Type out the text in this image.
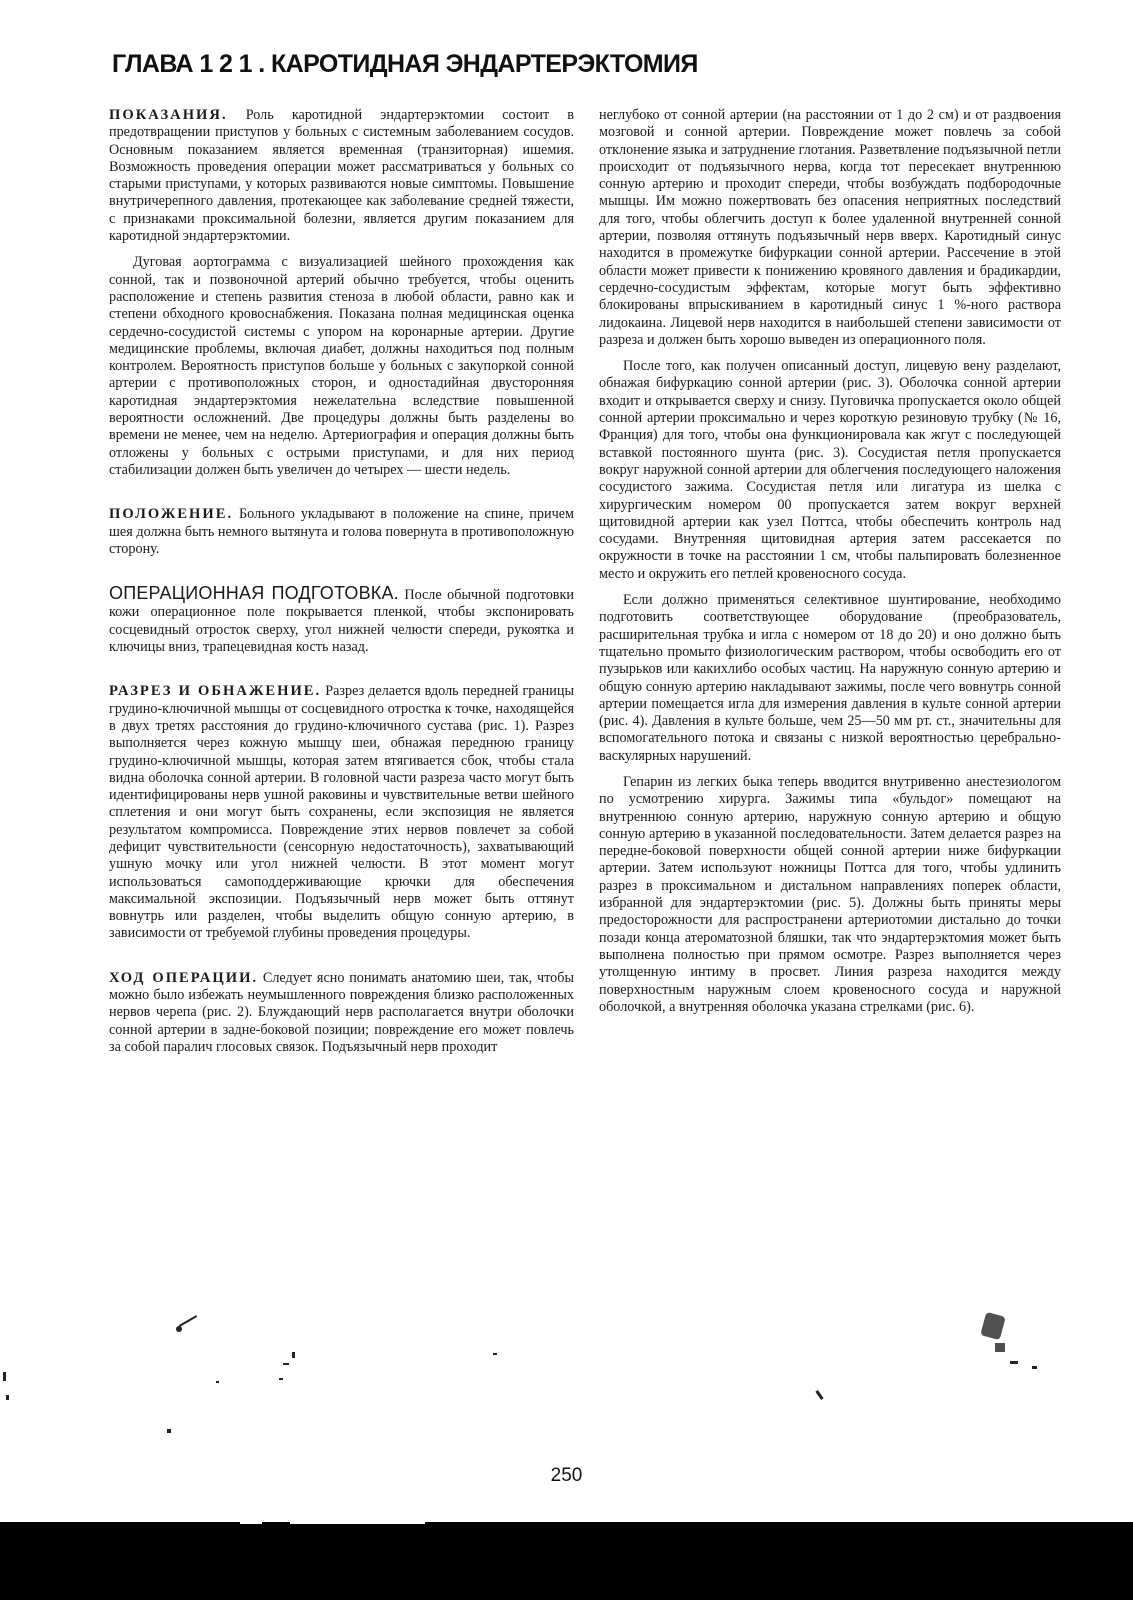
ГЛАВА 1 2 1 . КАРОТИДНАЯ ЭНДАРТЕРЭКТОМИЯ

ПОКАЗАНИЯ. Роль каротидной эндартерэктомии состоит в предотвращении приступов у больных с системным заболеванием сосудов. Основным показанием является временная (транзиторная) ишемия. Возможность проведения операции может рассматриваться у больных со старыми приступами, у которых развиваются новые симптомы. Повышение внутричерепного давления, протекающее как заболевание средней тяжести, с признаками проксимальной болезни, является другим показанием для каротидной эндартерэктомии.

Дуговая аортограмма с визуализацией шейного прохождения как сонной, так и позвоночной артерий обычно требуется, чтобы оценить расположение и степень развития стеноза в любой области, равно как и степени обходного кровоснабжения. Показана полная медицинская оценка сердечно-сосудистой системы с упором на коронарные артерии. Другие медицинские проблемы, включая диабет, должны находиться под полным контролем. Вероятность приступов больше у больных с закупоркой сонной артерии с противоположных сторон, и одностадийная двусторонняя каротидная эндартерэктомия нежелательна вследствие повышенной вероятности осложнений. Две процедуры должны быть разделены во времени не менее, чем на неделю. Артериография и операция должны быть отложены у больных с острыми приступами, и для них период стабилизации должен быть увеличен до четырех — шести недель.

ПОЛОЖЕНИЕ. Больного укладывают в положение на спине, причем шея должна быть немного вытянута и голова повернута в противоположную сторону.

ОПЕРАЦИОННАЯ ПОДГОТОВКА. После обычной подготовки кожи операционное поле покрывается пленкой, чтобы экспонировать сосцевидный отросток сверху, угол нижней челюсти спереди, рукоятка и ключицы вниз, трапецевидная кость назад.

РАЗРЕЗ И ОБНАЖЕНИЕ. Разрез делается вдоль передней границы грудино-ключичной мышцы от сосцевидного отростка к точке, находящейся в двух третях расстояния до грудино-ключичного сустава (рис. 1). Разрез выполняется через кожную мышцу шеи, обнажая переднюю границу грудино-ключичной мышцы, которая затем втягивается сбок, чтобы стала видна оболочка сонной артерии. В головной части разреза часто могут быть идентифицированы нерв ушной раковины и чувствительные ветви шейного сплетения и они могут быть сохранены, если экспозиция не является результатом компромисса. Повреждение этих нервов повлечет за собой дефицит чувствительности (сенсорную недостаточность), захватывающий ушную мочку или угол нижней челюсти. В этот момент могут использоваться самоподдерживающие крючки для обеспечения максимальной экспозиции. Подъязычный нерв может быть оттянут вовнутрь или разделен, чтобы выделить общую сонную артерию, в зависимости от требуемой глубины проведения процедуры.

ХОД ОПЕРАЦИИ. Следует ясно понимать анатомию шеи, так, чтобы можно было избежать неумышленного повреждения близко расположенных нервов черепа (рис. 2). Блуждающий нерв располагается внутри оболочки сонной артерии в задне-боковой позиции; повреждение его может повлечь за собой паралич глосовых связок. Подъязычный нерв проходит

неглубоко от сонной артерии (на расстоянии от 1 до 2 см) и от раздвоения мозговой и сонной артерии. Повреждение может повлечь за собой отклонение языка и затруднение глотания. Разветвление подъязычной петли происходит от подъязычного нерва, когда тот пересекает внутреннюю сонную артерию и проходит спереди, чтобы возбуждать подбородочные мышцы. Им можно пожертвовать без опасения неприятных последствий для того, чтобы облегчить доступ к более удаленной внутренней сонной артерии, позволяя оттянуть подъязычный нерв вверх. Каротидный синус находится в промежутке бифуркации сонной артерии. Рассечение в этой области может привести к понижению кровяного давления и брадикардии, сердечно-сосудистым эффектам, которые могут быть эффективно блокированы впрыскиванием в каротидный синус 1 %-ного раствора лидокаина. Лицевой нерв находится в наибольшей степени зависимости от разреза и должен быть хорошо выведен из операционного поля.

После того, как получен описанный доступ, лицевую вену разделают, обнажая бифуркацию сонной артерии (рис. 3). Оболочка сонной артерии входит и открывается сверху и снизу. Пуговичка пропускается около общей сонной артерии проксимально и через короткую резиновую трубку (№ 16, Франция) для того, чтобы она функционировала как жгут с последующей вставкой постоянного шунта (рис. 3). Сосудистая петля пропускается вокруг наружной сонной артерии для облегчения последующего наложения сосудистого зажима. Сосудистая петля или лигатура из шелка с хирургическим номером 00 пропускается затем вокруг верхней щитовидной артерии как узел Поттса, чтобы обеспечить контроль над сосудами. Внутренняя щитовидная артерия затем рассекается по окружности в точке на расстоянии 1 см, чтобы пальпировать болезненное место и окружить его петлей кровеносного сосуда.

Если должно применяться селективное шунтирование, необходимо подготовить соответствующее оборудование (преобразователь, расширительная трубка и игла с номером от 18 до 20) и оно должно быть тщательно промыто физиологическим раствором, чтобы освободить его от пузырьков или какихлибо особых частиц. На наружную сонную артерию и общую сонную артерию накладывают зажимы, после чего вовнутрь сонной артерии помещается игла для измерения давления в культе сонной артерии (рис. 4). Давления в культе больше, чем 25—50 мм рт. ст., значительны для вспомогательного потока и связаны с низкой вероятностью церебрально-васкулярных нарушений.

Гепарин из легких быка теперь вводится внутривенно анестезиологом по усмотрению хирурга. Зажимы типа «бульдог» помещают на внутреннюю сонную артерию, наружную сонную артерию и общую сонную артерию в указанной последовательности. Затем делается разрез на передне-боковой поверхности общей сонной артерии ниже бифуркации артерии. Затем используют ножницы Поттса для того, чтобы удлинить разрез в проксимальном и дистальном направлениях поперек области, избранной для эндартерэктомии (рис. 5). Должны быть приняты меры предосторожности для распространени артериотомии дистально до точки позади конца атероматозной бляшки, так что эндартерэктомия может быть выполнена полностью при прямом осмотре. Разрез выполняется через утолщенную интиму в просвет. Линия разреза находится между поверхностным наружным слоем кровеносного сосуда и наружной оболочкой, а внутренняя оболочка указана стрелками (рис. 6).

250
